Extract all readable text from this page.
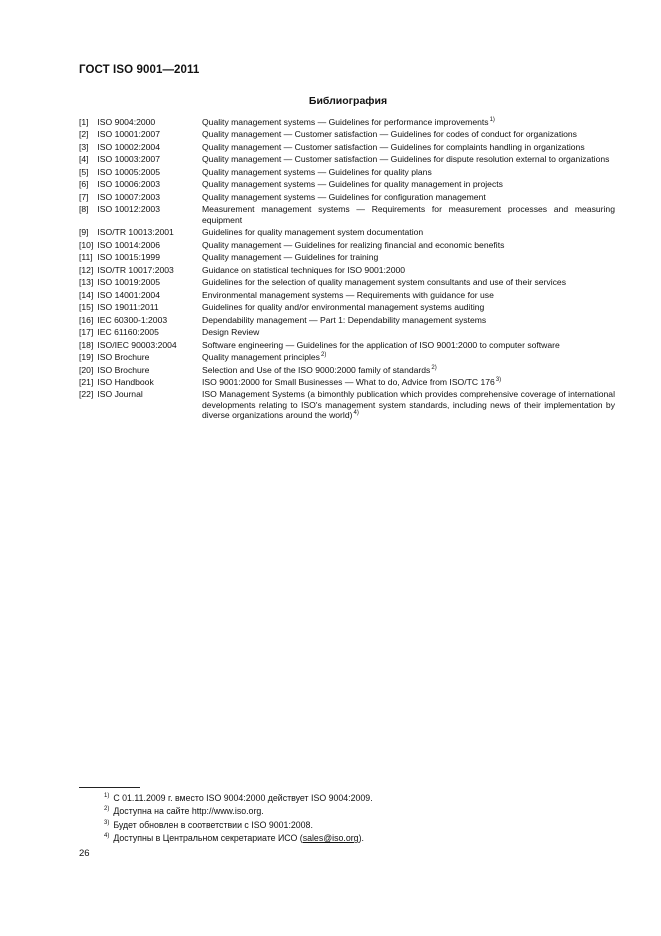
ГОСТ ISO 9001—2011
Библиография
[1] ISO 9004:2000	Quality management systems — Guidelines for performance improvements$^{1)}$
[2] ISO 10001:2007	Quality management — Customer satisfaction — Guidelines for codes of conduct for organizations
[3] ISO 10002:2004	Quality management — Customer satisfaction — Guidelines for complaints handling in organizations
[4] ISO 10003:2007	Quality management — Customer satisfaction — Guidelines for dispute resolution external to organizations
[5] ISO 10005:2005	Quality management systems — Guidelines for quality plans
[6] ISO 10006:2003	Quality management systems — Guidelines for quality management in projects
[7] ISO 10007:2003	Quality management systems — Guidelines for configuration management
[8] ISO 10012:2003	Measurement management systems — Requirements for measurement processes and measuring equipment
[9] ISO/TR 10013:2001	Guidelines for quality management system documentation
[10] ISO 10014:2006	Quality management — Guidelines for realizing financial and economic benefits
[11] ISO 10015:1999	Quality management — Guidelines for training
[12] ISO/TR 10017:2003	Guidance on statistical techniques for ISO 9001:2000
[13] ISO 10019:2005	Guidelines for the selection of quality management system consultants and use of their services
[14] ISO 14001:2004	Environmental management systems — Requirements with guidance for use
[15] ISO 19011:2011	Guidelines for quality and/or environmental management systems auditing
[16] IEC 60300-1:2003	Dependability management — Part 1: Dependability management systems
[17] IEC 61160:2005	Design Review
[18] ISO/IEC 90003:2004	Software engineering — Guidelines for the application of ISO 9001:2000 to computer software
[19] ISO Brochure	Quality management principles$^{2)}$
[20] ISO Brochure	Selection and Use of the ISO 9000:2000 family of standards$^{2)}$
[21] ISO Handbook	ISO 9001:2000 for Small Businesses — What to do, Advice from ISO/TC 176$^{3)}$
[22] ISO Journal	ISO Management Systems (a bimonthly publication which provides comprehensive coverage of international developments relating to ISO's management system standards, including news of their implementation by diverse organizations around the world)$^{4)}$
$^{1)}$ С 01.11.2009 г. вместо ISO 9004:2000 действует ISO 9004:2009.
$^{2)}$ Доступна на сайте http://www.iso.org.
$^{3)}$ Будет обновлен в соответствии с ISO 9001:2008.
$^{4)}$ Доступны в Центральном секретариате ИСО (sales@iso.org).
26
